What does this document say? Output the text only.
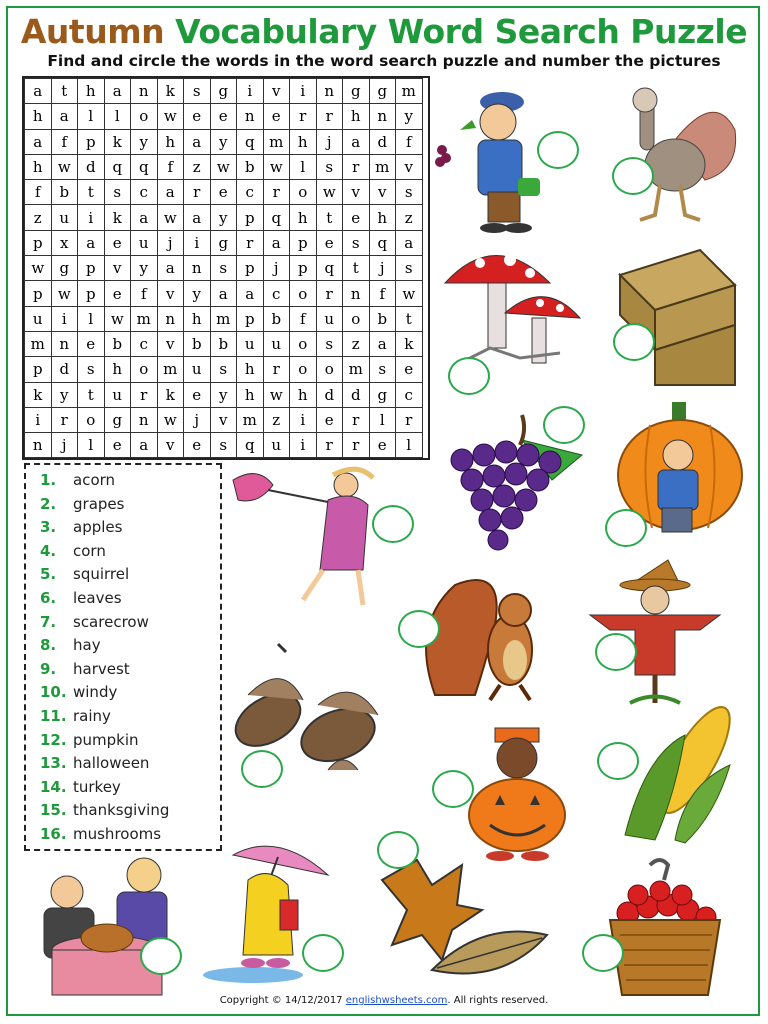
Autumn Vocabulary Word Search Puzzle
Find and circle the words in the word search puzzle and number the pictures
a	t	h	a	n	k	s	g	i	v	i	n	g	g	m
h	a	l	l	o	w	e	e	n	e	r	r	h	n	y
a	f	p	k	y	h	a	y	q	m	h	j	a	d	f
h	w	d	q	q	f	z	w	b	w	l	s	r	m	v
f	b	t	s	c	a	r	e	c	r	o	w	v	v	s
z	u	i	k	a	w	a	y	p	q	h	t	e	h	z
p	x	a	e	u	j	i	g	r	a	p	e	s	q	a
w	g	p	v	y	a	n	s	p	j	p	q	t	j	s
p	w	p	e	f	v	y	a	a	c	o	r	n	f	w
u	i	l	w	m	n	h	m	p	b	f	u	o	b	t
m	n	e	b	c	v	b	b	u	u	o	s	z	a	k
p	d	s	h	o	m	u	s	h	r	o	o	m	s	e
k	y	t	u	r	k	e	y	h	w	h	d	d	g	c
i	r	o	g	n	w	j	v	m	z	i	e	r	l	r
n	j	l	e	a	v	e	s	q	u	i	r	r	e	l
1. acorn
2. grapes
3. apples
4. corn
5. squirrel
6. leaves
7. scarecrow
8. hay
9. harvest
10. windy
11. rainy
12. pumpkin
13. halloween
14. turkey
15. thanksgiving
16. mushrooms
Copyright © 14/12/2017 englishwsheets.com. All rights reserved.
